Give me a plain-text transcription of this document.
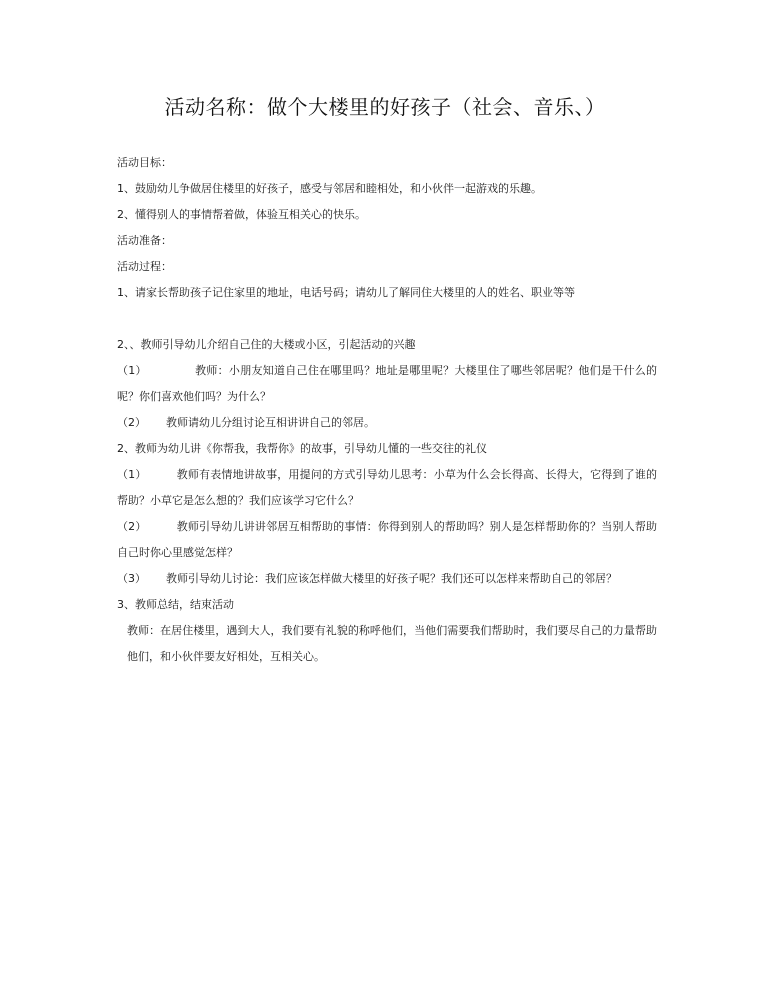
活动名称：做个大楼里的好孩子（社会、音乐、）

活动目标：

1、鼓励幼儿争做居住楼里的好孩子，感受与邻居和睦相处，和小伙伴一起游戏的乐趣。

2、懂得别人的事情帮着做，体验互相关心的快乐。

活动准备：

活动过程：

1、请家长帮助孩子记住家里的地址，电话号码；请幼儿了解同住大楼里的人的姓名、职业等等

2、、教师引导幼儿介绍自己住的大楼或小区，引起活动的兴趣

（1）	教师：小朋友知道自己住在哪里吗？地址是哪里呢？大楼里住了哪些邻居呢？他们是干什么的呢？你们喜欢他们吗？为什么？

（2） 教师请幼儿分组讨论互相讲讲自己的邻居。

2、教师为幼儿讲《你帮我，我帮你》的故事，引导幼儿懂的一些交往的礼仪

（1）	教师有表情地讲故事，用提问的方式引导幼儿思考：小草为什么会长得高、长得大，它得到了谁的帮助？小草它是怎么想的？我们应该学习它什么？

（2）	教师引导幼儿讲讲邻居互相帮助的事情：你得到别人的帮助吗？别人是怎样帮助你的？当别人帮助自己时你心里感觉怎样？

（3） 教师引导幼儿讨论：我们应该怎样做大楼里的好孩子呢？我们还可以怎样来帮助自己的邻居？

3、教师总结，结束活动

教师：在居住楼里，遇到大人，我们要有礼貌的称呼他们，当他们需要我们帮助时，我们要尽自己的力量帮助他们，和小伙伴要友好相处，互相关心。
